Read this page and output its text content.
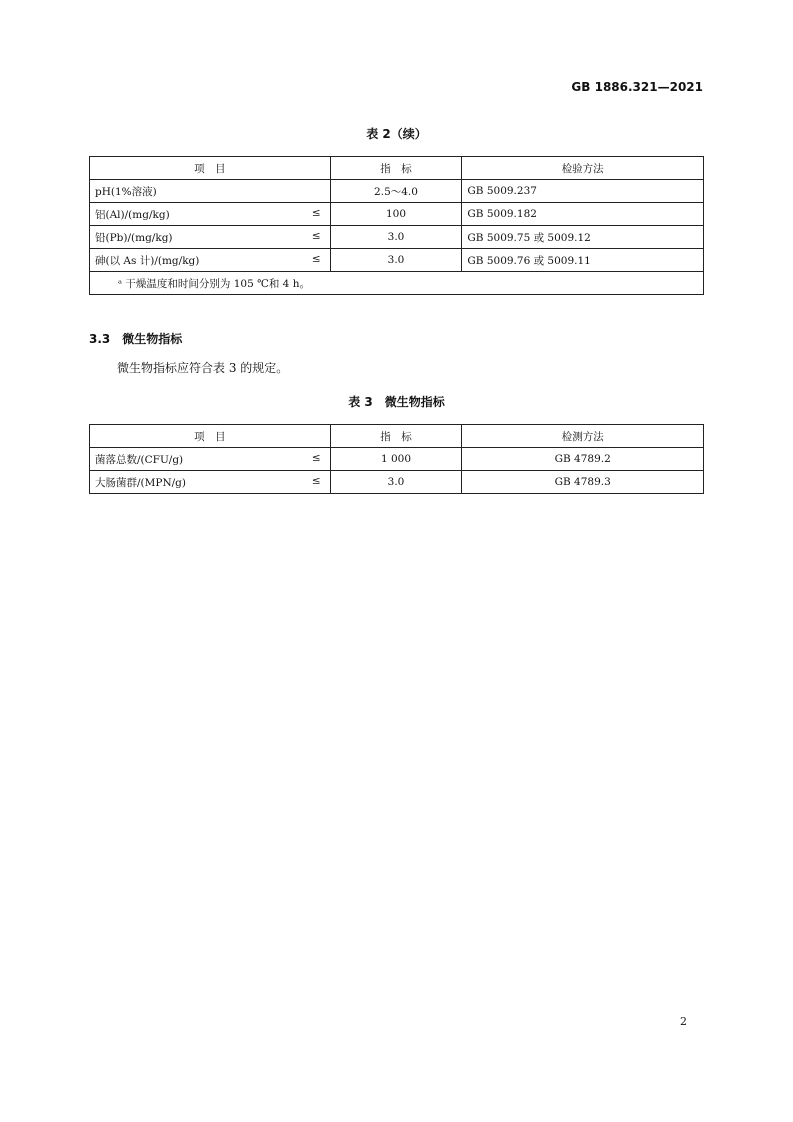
GB 1886.321—2021
表 2（续）
项　目	指　标	检验方法
pH(1%溶液)	2.5～4.0	GB 5009.237
铝(Al)/(mg/kg) ≤	100	GB 5009.182
铅(Pb)/(mg/kg) ≤	3.0	GB 5009.75 或 5009.12
砷(以 As 计)/(mg/kg) ≤	3.0	GB 5009.76 或 5009.11
ᵃ 干燥温度和时间分别为 105 ℃和 4 h。		
3.3　微生物指标
微生物指标应符合表 3 的规定。
表 3　微生物指标
项　目	指　标	检测方法
菌落总数/(CFU/g) ≤	1 000	GB 4789.2
大肠菌群/(MPN/g) ≤	3.0	GB 4789.3
2
